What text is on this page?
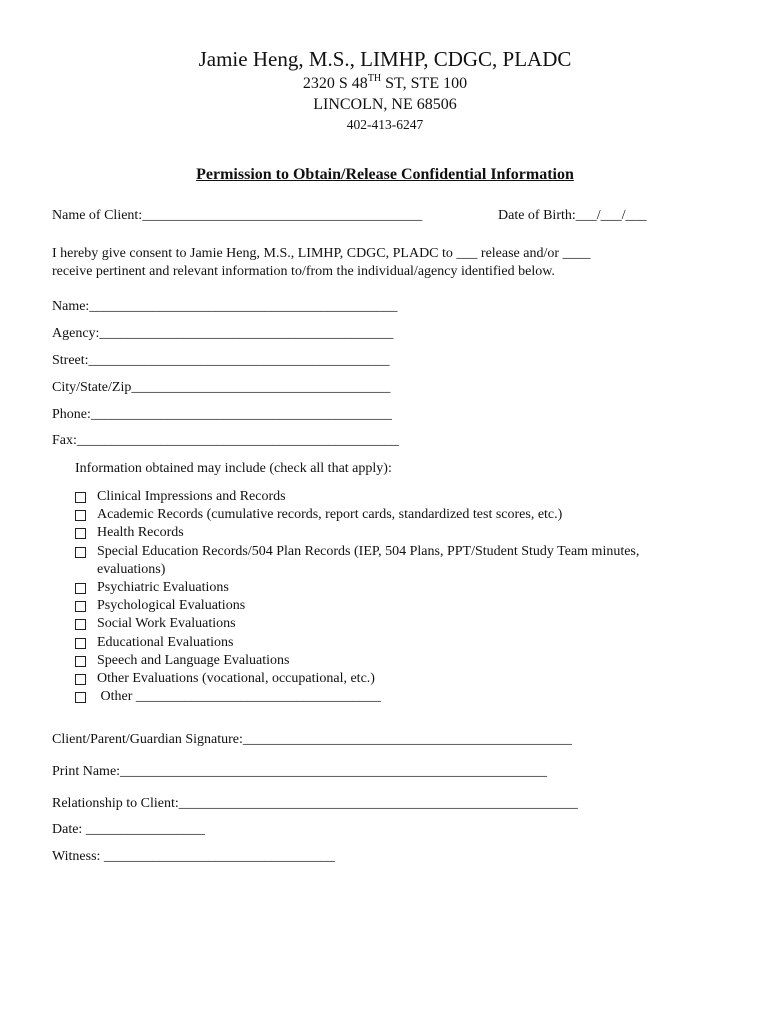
Jamie Heng, M.S., LIMHP, CDGC, PLADC
2320 S 48TH ST, STE 100
LINCOLN, NE 68506
402-413-6247
Permission to Obtain/Release Confidential Information
Name of Client:________________________________________	Date of Birth:___/___/___
I hereby give consent to Jamie Heng, M.S., LIMHP, CDGC, PLADC to ___ release and/or ____
receive pertinent and relevant information to/from the individual/agency identified below.
Name:____________________________________________
Agency:__________________________________________
Street:___________________________________________
City/State/Zip_____________________________________
Phone:___________________________________________
Fax:______________________________________________
Information obtained may include (check all that apply):
Clinical Impressions and Records
Academic Records (cumulative records, report cards, standardized test scores, etc.)
Health Records
Special Education Records/504 Plan Records (IEP, 504 Plans, PPT/Student Study Team minutes, evaluations)
Psychiatric Evaluations
Psychological Evaluations
Social Work Evaluations
Educational Evaluations
Speech and Language Evaluations
Other Evaluations (vocational, occupational, etc.)
Other ___________________________________
Client/Parent/Guardian Signature:_______________________________________________
Print Name:_____________________________________________________________
Relationship to Client:_________________________________________________________
Date: _________________
Witness: _________________________________
